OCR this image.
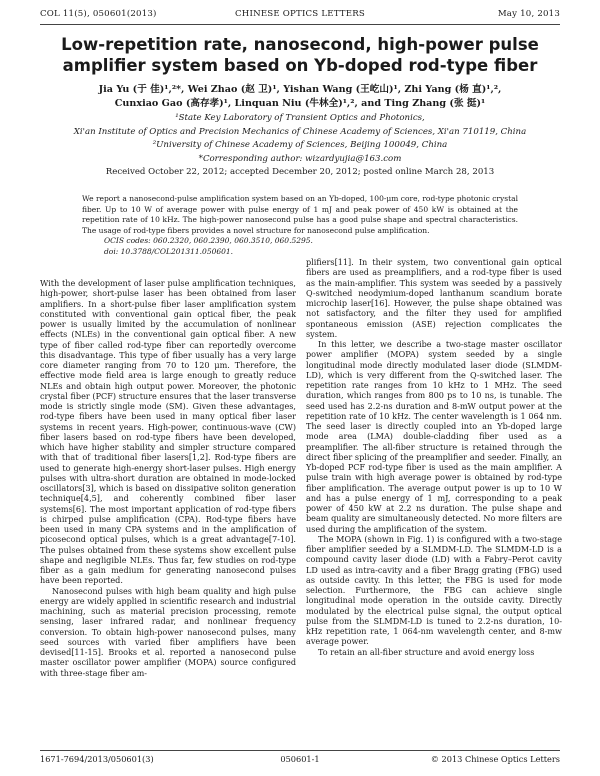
COL 11(5), 050601(2013)	CHINESE OPTICS LETTERS	May 10, 2013
Low-repetition rate, nanosecond, high-power pulse amplifier system based on Yb-doped rod-type fiber
Jia Yu (于 佳)¹,²*, Wei Zhao (赵 卫)¹, Yishan Wang (王屹山)¹, Zhi Yang (杨 直)¹,²,
Cunxiao Gao (高存孝)¹, Linquan Niu (牛林全)¹,², and Ting Zhang (张 挺)¹
¹State Key Laboratory of Transient Optics and Photonics,
Xi'an Institute of Optics and Precision Mechanics of Chinese Academy of Sciences, Xi'an 710119, China
²University of Chinese Academy of Sciences, Beijing 100049, China
*Corresponding author: wizardyujia@163.com
Received October 22, 2012; accepted December 20, 2012; posted online March 28, 2013
We report a nanosecond-pulse amplification system based on an Yb-doped, 100-μm core, rod-type photonic crystal fiber. Up to 10 W of average power with pulse energy of 1 mJ and peak power of 450 kW is obtained at the repetition rate of 10 kHz. The high-power nanosecond pulse has a good pulse shape and spectral characteristics. The usage of rod-type fibers provides a novel structure for nanosecond pulse amplification.
OCIS codes: 060.2320, 060.2390, 060.3510, 060.5295.
doi: 10.3788/COL201311.050601.

With the development of laser pulse amplification techniques, high-power, short-pulse laser has been obtained from laser amplifiers. In a short-pulse fiber laser amplification system constituted with conventional gain optical fiber, the peak power is usually limited by the accumulation of nonlinear effects (NLEs) in the conventional gain optical fiber. A new type of fiber called rod-type fiber can reportedly overcome this disadvantage. This type of fiber usually has a very large core diameter ranging from 70 to 120 μm. Therefore, the effective mode field area is large enough to greatly reduce NLEs and obtain high output power. Moreover, the photonic crystal fiber (PCF) structure ensures that the laser transverse mode is strictly single mode (SM). Given these advantages, rod-type fibers have been used in many optical fiber laser systems in recent years. High-power, continuous-wave (CW) fiber lasers based on rod-type fibers have been developed, which have higher stability and simpler structure compared with that of traditional fiber lasers[1,2]. Rod-type fibers are used to generate high-energy short-laser pulses. High energy pulses with ultra-short duration are obtained in mode-locked oscillators[3], which is based on dissipative soliton generation technique[4,5], and coherently combined fiber laser systems[6]. The most important application of rod-type fibers is chirped pulse amplification (CPA). Rod-type fibers have been used in many CPA systems and in the amplification of picosecond optical pulses, which is a great advantage[7-10]. The pulses obtained from these systems show excellent pulse shape and negligible NLEs. Thus far, few studies on rod-type fiber as a gain medium for generating nanosecond pulses have been reported.

Nanosecond pulses with high beam quality and high pulse energy are widely applied in scientific research and industrial machining, such as material precision processing, remote sensing, laser infrared radar, and nonlinear frequency conversion. To obtain high-power nanosecond pulses, many seed sources with varied fiber amplifiers have been devised[11-15]. Brooks et al. reported a nanosecond pulse master oscillator power amplifier (MOPA) source configured with three-stage fiber am-

plifiers[11]. In their system, two conventional gain optical fibers are used as preamplifiers, and a rod-type fiber is used as the main-amplifier. This system was seeded by a passively Q-switched neodymium-doped lanthanum scandium borate microchip laser[16]. However, the pulse shape obtained was not satisfactory, and the filter they used for amplified spontaneous emission (ASE) rejection complicates the system.

In this letter, we describe a two-stage master oscillator power amplifier (MOPA) system seeded by a single longitudinal mode directly modulated laser diode (SLMDM-LD), which is very different from the Q-switched laser. The repetition rate ranges from 10 kHz to 1 MHz. The seed duration, which ranges from 800 ps to 10 ns, is tunable. The seed used has 2.2-ns duration and 8-mW output power at the repetition rate of 10 kHz. The center wavelength is 1 064 nm. The seed laser is directly coupled into an Yb-doped large mode area (LMA) double-cladding fiber used as a preamplifier. The all-fiber structure is retained through the direct fiber splicing of the preamplifier and seeder. Finally, an Yb-doped PCF rod-type fiber is used as the main amplifier. A pulse train with high average power is obtained by rod-type fiber amplification. The average output power is up to 10 W and has a pulse energy of 1 mJ, corresponding to a peak power of 450 kW at 2.2 ns duration. The pulse shape and beam quality are simultaneously detected. No more filters are used during the amplification of the system.

The MOPA (shown in Fig. 1) is configured with a two-stage fiber amplifier seeded by a SLMDM-LD. The SLMDM-LD is a compound cavity laser diode (LD) with a Fabry–Perot cavity LD used as intra-cavity and a fiber Bragg grating (FBG) used as outside cavity. In this letter, the FBG is used for mode selection. Furthermore, the FBG can achieve single longitudinal mode operation in the outside cavity. Directly modulated by the electrical pulse signal, the output optical pulse from the SLMDM-LD is tuned to 2.2-ns duration, 10-kHz repetition rate, 1 064-nm wavelength center, and 8-mw average power.

To retain an all-fiber structure and avoid energy loss

1671-7694/2013/050601(3)	050601-1	© 2013 Chinese Optics Letters
